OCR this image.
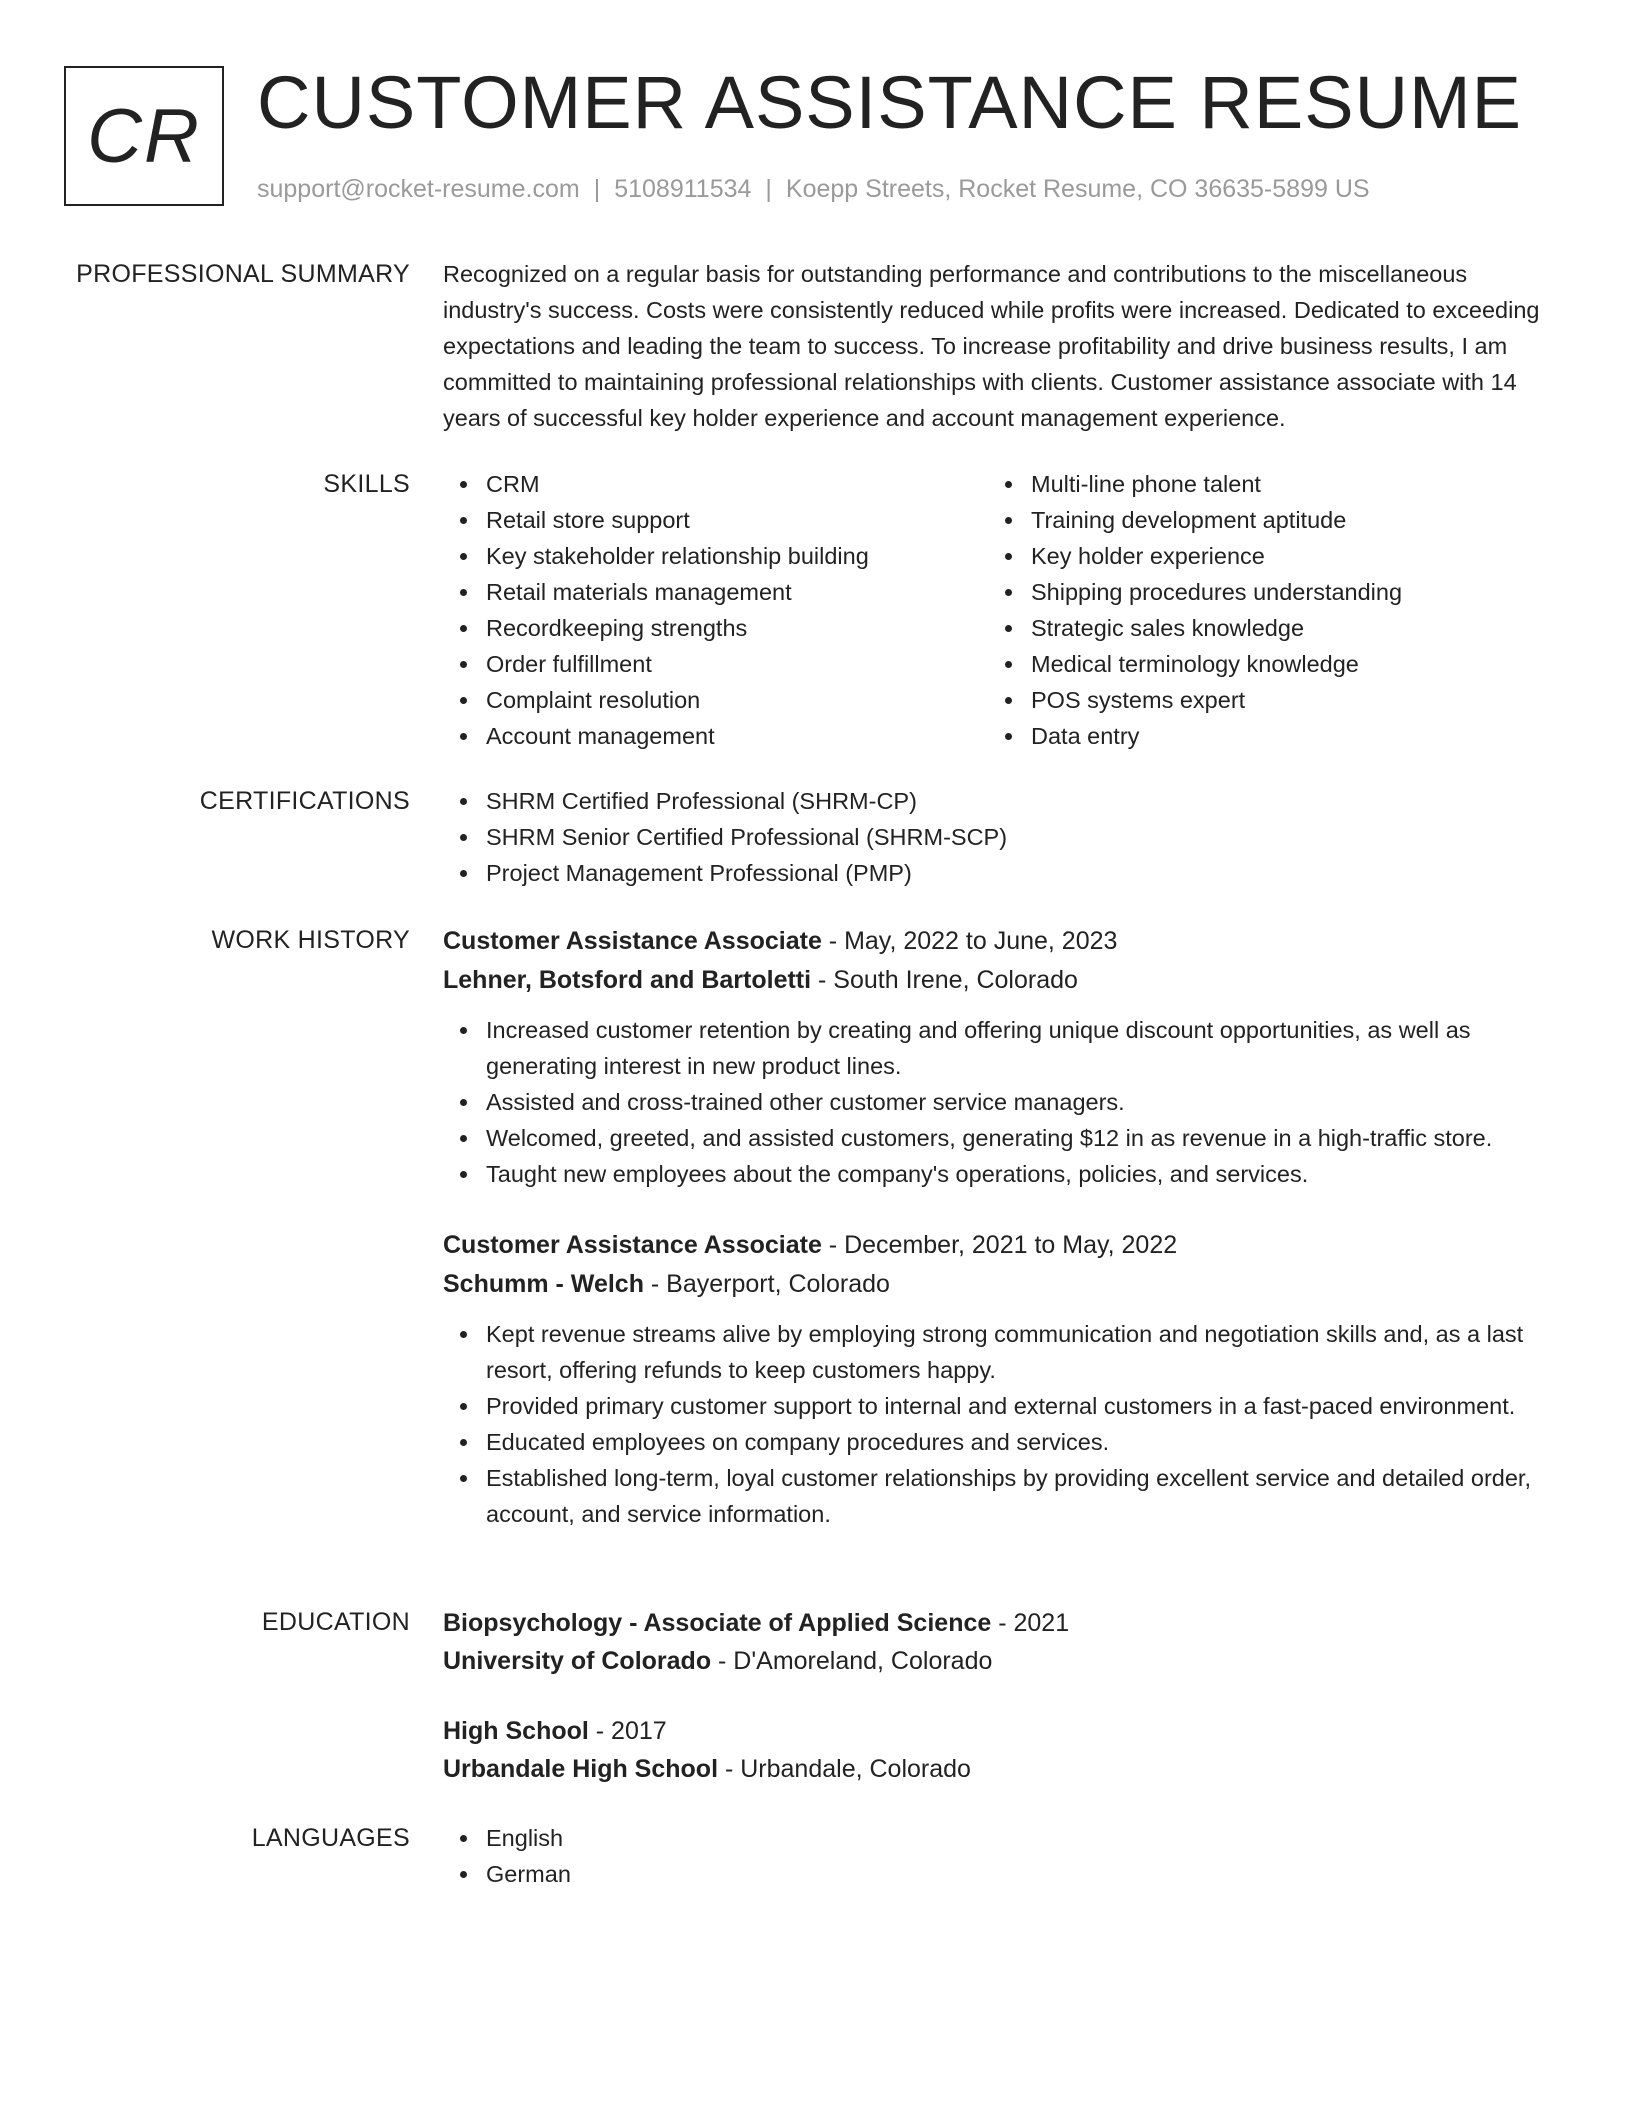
CR CUSTOMER ASSISTANCE RESUME
support@rocket-resume.com | 5108911534 | Koepp Streets, Rocket Resume, CO 36635-5899 US
PROFESSIONAL SUMMARY Recognized on a regular basis for outstanding performance and contributions to the miscellaneous industry's success. Costs were consistently reduced while profits were increased. Dedicated to exceeding expectations and leading the team to success. To increase profitability and drive business results, I am committed to maintaining professional relationships with clients. Customer assistance associate with 14 years of successful key holder experience and account management experience.

SKILLS	CRM
Retail store support
Key stakeholder relationship building
Retail materials management
Recordkeeping strengths
Order fulfillment
Complaint resolution
Account management
Multi-line phone talent
Training development aptitude
Key holder experience
Shipping procedures understanding
Strategic sales knowledge
Medical terminology knowledge
POS systems expert
Data entry
CERTIFICATIONS	SHRM Certified Professional (SHRM-CP)
SHRM Senior Certified Professional (SHRM-SCP)
Project Management Professional (PMP)
WORK HISTORY Customer Assistance Associate - May, 2022 to June, 2023
Lehner, Botsford and Bartoletti - South Irene, Colorado
Increased customer retention by creating and offering unique discount opportunities, as well as generating interest in new product lines.
Assisted and cross-trained other customer service managers.
Welcomed, greeted, and assisted customers, generating $12 in as revenue in a high-traffic store.
Taught new employees about the company's operations, policies, and services.
Customer Assistance Associate - December, 2021 to May, 2022
Schumm - Welch - Bayerport, Colorado
Kept revenue streams alive by employing strong communication and negotiation skills and, as a last resort, offering refunds to keep customers happy.
Provided primary customer support to internal and external customers in a fast-paced environment.
Educated employees on company procedures and services.
Established long-term, loyal customer relationships by providing excellent service and detailed order, account, and service information.
EDUCATION Biopsychology - Associate of Applied Science - 2021
University of Colorado - D'Amoreland, Colorado
High School - 2017
Urbandale High School - Urbandale, Colorado
LANGUAGES	English
German
